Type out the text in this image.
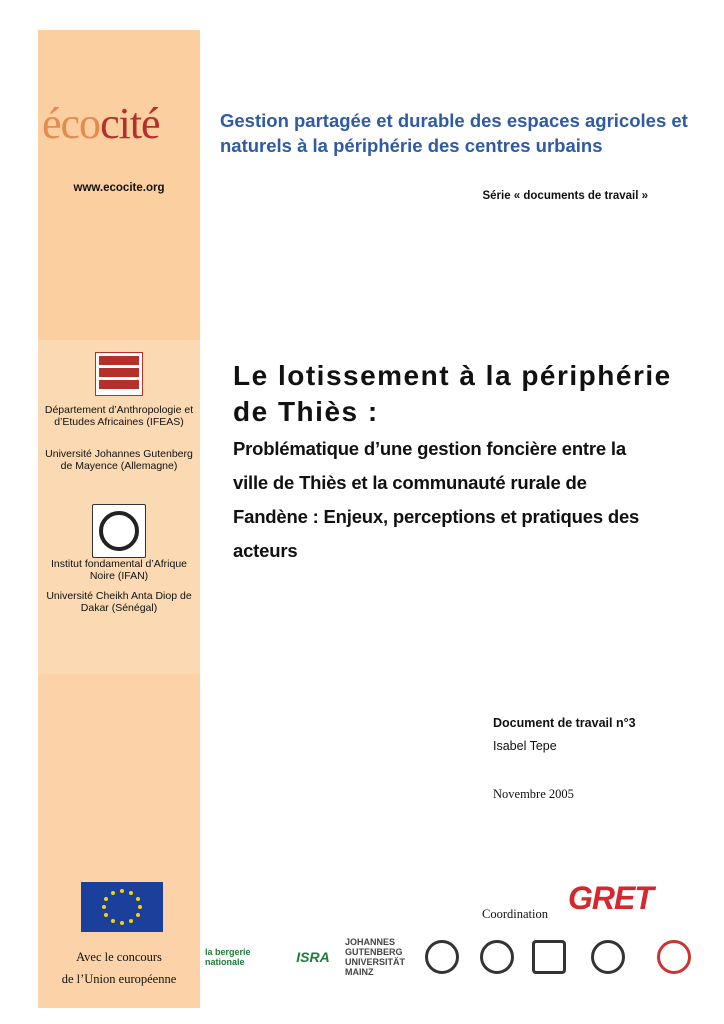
écocité
www.ecocite.org
Gestion partagée et durable des espaces agricoles et naturels à la périphérie des centres urbains
Série « documents de travail »
Département d’Anthropologie et d’Etudes Africaines (IFEAS)
Université Johannes Gutenberg de Mayence (Allemagne)
Institut fondamental d’Afrique Noire (IFAN)
Université Cheikh Anta Diop de Dakar (Sénégal)
Le lotissement à la périphérie de Thiès :
Problématique d’une gestion foncière entre la ville de Thiès et la communauté rurale de Fandène : Enjeux, perceptions et pratiques des acteurs
Document de travail n°3
Isabel Tepe
Novembre 2005
Avec le concours
de l’Union européenne
Coordination GRET
la bergerie nationale	ISRA
JOHANNES GUTENBERG UNIVERSITÄT MAINZ
